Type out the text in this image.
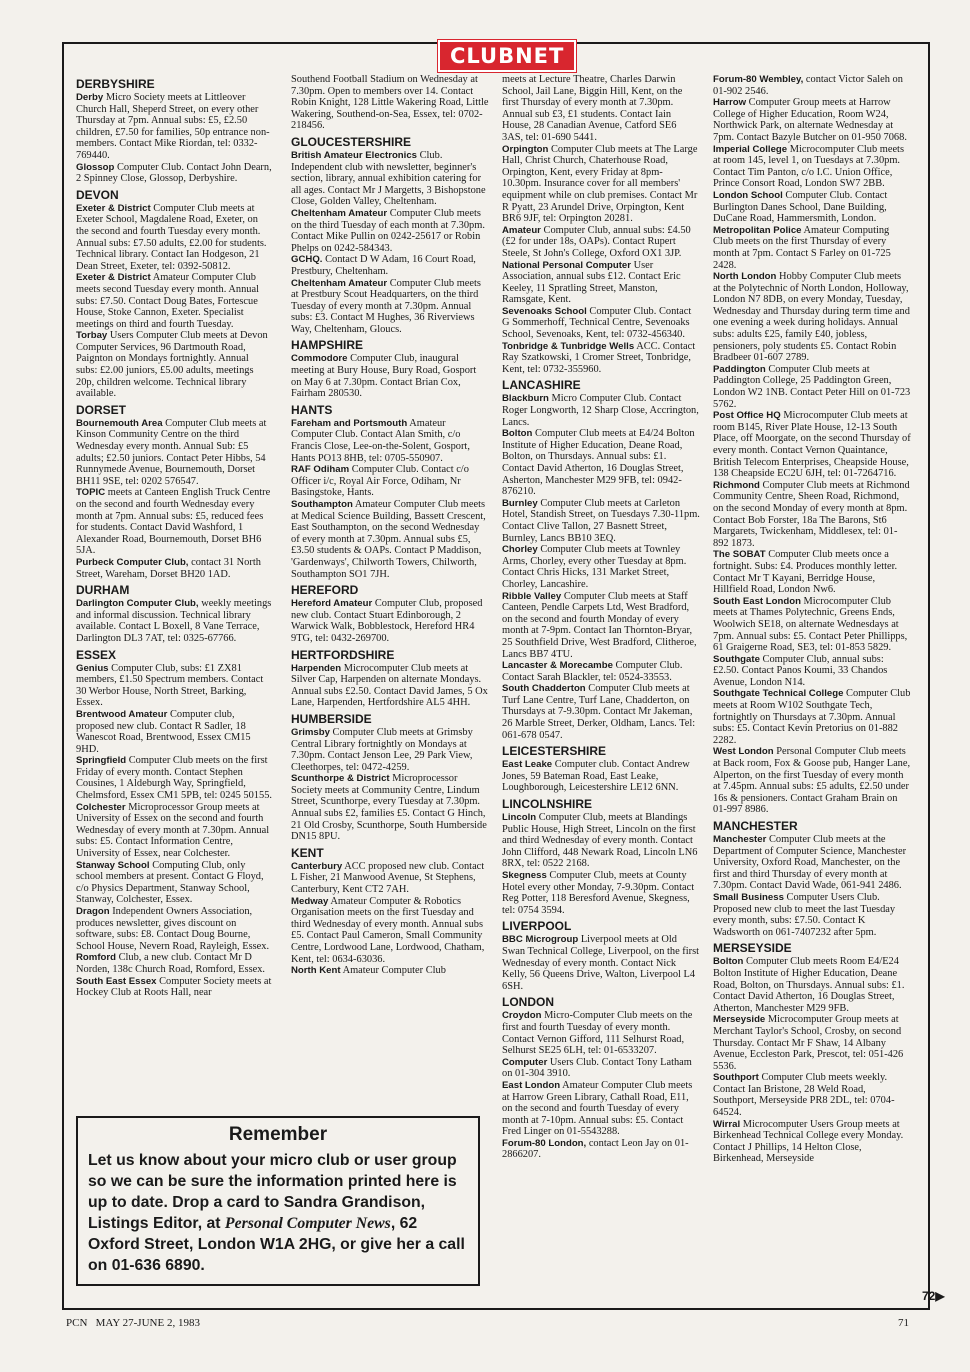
CLUBNET
DERBYSHIRE

Derby Micro Society meets at Littleover Church Hall, Sheperd Street, on every other Thursday at 7pm. Annual subs: £5, £2.50 children, £7.50 for families, 50p entrance non-members. Contact Mike Riordan, tel: 0332-769440.

Glossop Computer Club. Contact John Dearn, 2 Spinney Close, Glossop, Derbyshire.

DEVON

Exeter & District Computer Club meets at Exeter School, Magdalene Road, Exeter, on the second and fourth Tuesday every month. Annual subs: £7.50 adults, £2.00 for students. Technical library. Contact Ian Hodgeson, 21 Dean Street, Exeter, tel: 0392-50812.

Exeter & District Amateur Computer Club meets second Tuesday every month. Annual subs: £7.50. Contact Doug Bates, Fortescue House, Stoke Cannon, Exeter. Specialist meetings on third and fourth Tuesday.

Torbay Users Computer Club meets at Devon Computer Services, 96 Dartmouth Road, Paignton on Mondays fortnightly. Annual subs: £2.00 juniors, £5.00 adults, meetings 20p, children welcome. Technical library available.

DORSET

Bournemouth Area Computer Club meets at Kinson Community Centre on the third Wednesday every month. Annual Sub: £5 adults; £2.50 juniors. Contact Peter Hibbs, 54 Runnymede Avenue, Bournemouth, Dorset BH11 9SE, tel: 0202 576547.

TOPIC meets at Canteen English Truck Centre on the second and fourth Wednesday every month at 7pm. Annual subs: £5, reduced fees for students. Contact David Washford, 1 Alexander Road, Bournemouth, Dorset BH6 5JA.

Purbeck Computer Club, contact 31 North Street, Wareham, Dorset BH20 1AD.

DURHAM

Darlington Computer Club, weekly meetings and informal discussion. Technical library available. Contact L Boxell, 8 Vane Terrace, Darlington DL3 7AT, tel: 0325-67766.

ESSEX

Genius Computer Club, subs: £1 ZX81 members, £1.50 Spectrum members. Contact 30 Werbor House, North Street, Barking, Essex.

Brentwood Amateur Computer club, proposed new club. Contact R Sadler, 18 Wanescot Road, Brentwood, Essex CM15 9HD.

Springfield Computer Club meets on the first Friday of every month. Contact Stephen Cousines, 1 Aldeburgh Way, Springfield, Chelmsford, Essex CM1 5PB, tel: 0245 50155.

Colchester Microprocessor Group meets at University of Essex on the second and fourth Wednesday of every month at 7.30pm. Annual subs: £5. Contact Information Centre, University of Essex, near Colchester.

Stanway School Computing Club, only school members at present. Contact G Floyd, c/o Physics Department, Stanway School, Stanway, Colchester, Essex.

Dragon Independent Owners Association, produces newsletter, gives discount on software, subs: £8. Contact Doug Bourne, School House, Nevern Road, Rayleigh, Essex.

Romford Club, a new club. Contact Mr D Norden, 138c Church Road, Romford, Essex.

South East Essex Computer Society meets at Hockey Club at Roots Hall, near

Southend Football Stadium on Wednesday at 7.30pm. Open to members over 14. Contact Robin Knight, 128 Little Wakering Road, Little Wakering, Southend-on-Sea, Essex, tel: 0702-218456.

GLOUCESTERSHIRE

British Amateur Electronics Club. Independent club with newsletter, beginner's section, library, annual exhibition catering for all ages. Contact Mr J Margetts, 3 Bishopstone Close, Golden Valley, Cheltenham.

Cheltenham Amateur Computer Club meets on the third Tuesday of each month at 7.30pm. Contact Mike Pullin on 0242-25617 or Robin Phelps on 0242-584343.

GCHQ. Contact D W Adam, 16 Court Road, Prestbury, Cheltenham.

Cheltenham Amateur Computer Club meets at Prestbury Scout Headquarters, on the third Tuesday of every month at 7.30pm. Annual subs: £3. Contact M Hughes, 36 Riverviews Way, Cheltenham, Gloucs.

HAMPSHIRE

Commodore Computer Club, inaugural meeting at Bury House, Bury Road, Gosport on May 6 at 7.30pm. Contact Brian Cox, Fairham 280530.

HANTS

Fareham and Portsmouth Amateur Computer Club. Contact Alan Smith, c/o Francis Close, Lee-on-the-Solent, Gosport, Hants PO13 8HB, tel: 0705-550907.

RAF Odiham Computer Club. Contact c/o Officer i/c, Royal Air Force, Odiham, Nr Basingstoke, Hants.

Southampton Amateur Computer Club meets at Medical Science Building, Bassett Crescent, East Southampton, on the second Wednesday of every month at 7.30pm. Annual subs £5, £3.50 students & OAPs. Contact P Maddison, 'Gardenways', Chilworth Towers, Chilworth, Southampton SO1 7JH.

HEREFORD

Hereford Amateur Computer Club, proposed new club. Contact Stuart Edinborough, 2 Warwick Walk, Bobblestock, Hereford HR4 9TG, tel: 0432-269700.

HERTFORDSHIRE

Harpenden Microcomputer Club meets at Silver Cap, Harpenden on alternate Mondays. Annual subs £2.50. Contact David James, 5 Ox Lane, Harpenden, Hertfordshire AL5 4HH.

HUMBERSIDE

Grimsby Computer Club meets at Grimsby Central Library fortnightly on Mondays at 7.30pm. Contact Jenson Lee, 29 Park View, Cleethorpes, tel: 0472-4259.

Scunthorpe & District Microprocessor Society meets at Community Centre, Lindum Street, Scunthorpe, every Tuesday at 7.30pm. Annual subs £2, families £5. Contact G Hinch, 21 Old Crosby, Scunthorpe, South Humberside DN15 8PU.

KENT

Canterbury ACC proposed new club. Contact L Fisher, 21 Manwood Avenue, St Stephens, Canterbury, Kent CT2 7AH.

Medway Amateur Computer & Robotics Organisation meets on the first Tuesday and third Wednesday of every month. Annual subs £5. Contact Paul Cameron, Small Community Centre, Lordwood Lane, Lordwood, Chatham, Kent, tel: 0634-63036.

North Kent Amateur Computer Club

meets at Lecture Theatre, Charles Darwin School, Jail Lane, Biggin Hill, Kent, on the first Thursday of every month at 7.30pm. Annual sub £3, £1 students. Contact Iain House, 28 Canadian Avenue, Catford SE6 3AS, tel: 01-690 5441.

Orpington Computer Club meets at The Large Hall, Christ Church, Chaterhouse Road, Orpington, Kent, every Friday at 8pm-10.30pm. Insurance cover for all members' equipment while on club premises. Contact Mr R Pyatt, 23 Arundel Drive, Orpington, Kent BR6 9JF, tel: Orpington 20281.

Amateur Computer Club, annual subs: £4.50 (£2 for under 18s, OAPs). Contact Rupert Steele, St John's College, Oxford OX1 3JP.

National Personal Computer User Association, annual subs £12. Contact Eric Keeley, 11 Spratling Street, Manston, Ramsgate, Kent.

Sevenoaks School Computer Club. Contact G Sommerhoff, Technical Centre, Sevenoaks School, Sevenoaks, Kent, tel: 0732-456340.

Tonbridge & Tunbridge Wells ACC. Contact Ray Szatkowski, 1 Cromer Street, Tonbridge, Kent, tel: 0732-355960.

LANCASHIRE

Blackburn Micro Computer Club. Contact Roger Longworth, 12 Sharp Close, Accrington, Lancs.

Bolton Computer Club meets at E4/24 Bolton Institute of Higher Education, Deane Road, Bolton, on Thursdays. Annual subs: £1. Contact David Atherton, 16 Douglas Street, Asherton, Manchester M29 9FB, tel: 0942-876210.

Burnley Computer Club meets at Carleton Hotel, Standish Street, on Tuesdays 7.30-11pm. Contact Clive Tallon, 27 Basnett Street, Burnley, Lancs BB10 3EQ.

Chorley Computer Club meets at Townley Arms, Chorley, every other Tuesday at 8pm. Contact Chris Hicks, 131 Market Street, Chorley, Lancashire.

Ribble Valley Computer Club meets at Staff Canteen, Pendle Carpets Ltd, West Bradford, on the second and fourth Monday of every month at 7-9pm. Contact Ian Thornton-Bryar, 25 Southfield Drive, West Bradford, Clitheroe, Lancs BB7 4TU.

Lancaster & Morecambe Computer Club. Contact Sarah Blackler, tel: 0524-33553.

South Chadderton Computer Club meets at Turf Lane Centre, Turf Lane, Chadderton, on Thursdays at 7-9.30pm. Contact Mr Jakeman, 26 Marble Street, Derker, Oldham, Lancs. Tel: 061-678 0547.

LEICESTERSHIRE

East Leake Computer club. Contact Andrew Jones, 59 Bateman Road, East Leake, Loughborough, Leicestershire LE12 6NN.

LINCOLNSHIRE

Lincoln Computer Club, meets at Blandings Public House, High Street, Lincoln on the first and third Wednesday of every month. Contact John Clifford, 448 Newark Road, Lincoln LN6 8RX, tel: 0522 2168.

Skegness Computer Club, meets at County Hotel every other Monday, 7-9.30pm. Contact Reg Potter, 118 Beresford Avenue, Skegness, tel: 0754 3594.

LIVERPOOL

BBC Microgroup Liverpool meets at Old Swan Technical College, Liverpool, on the first Wednesday of every month. Contact Nick Kelly, 56 Queens Drive, Walton, Liverpool L4 6SH.

LONDON

Croydon Micro-Computer Club meets on the first and fourth Tuesday of every month. Contact Vernon Gifford, 111 Selhurst Road, Selhurst SE25 6LH, tel: 01-6533207.

Computer Users Club. Contact Tony Latham on 01-304 3910.

East London Amateur Computer Club meets at Harrow Green Library, Cathall Road, E11, on the second and fourth Tuesday of every month at 7-10pm. Annual subs: £5. Contact Fred Linger on 01-5543288.

Forum-80 London, contact Leon Jay on 01-2866207.

Forum-80 Wembley, contact Victor Saleh on 01-902 2546.

Harrow Computer Group meets at Harrow College of Higher Education, Room W24, Northwick Park, on alternate Wednesday at 7pm. Contact Bazyle Butcher on 01-950 7068.

Imperial College Microcomputer Club meets at room 145, level 1, on Tuesdays at 7.30pm. Contact Tim Panton, c/o I.C. Union Office, Prince Consort Road, London SW7 2BB.

London School Computer Club. Contact Burlington Danes School, Dane Building, DuCane Road, Hammersmith, London.

Metropolitan Police Amateur Computing Club meets on the first Thursday of every month at 7pm. Contact S Farley on 01-725 2428.

North London Hobby Computer Club meets at the Polytechnic of North London, Holloway, London N7 8DB, on every Monday, Tuesday, Wednesday and Thursday during term time and one evening a week during holidays. Annual subs: adults £25, family £40, jobless, pensioners, poly students £5. Contact Robin Bradbeer 01-607 2789.

Paddington Computer Club meets at Paddington College, 25 Paddington Green, London W2 1NB. Contact Peter Hill on 01-723 5762.

Post Office HQ Microcomputer Club meets at room B145, River Plate House, 12-13 South Place, off Moorgate, on the second Thursday of every month. Contact Vernon Quaintance, British Telecom Enterprises, Cheapside House, 138 Cheapside EC2U 6JH, tel: 01-7264716.

Richmond Computer Club meets at Richmond Community Centre, Sheen Road, Richmond, on the second Monday of every month at 8pm. Contact Bob Forster, 18a The Barons, St6 Margarets, Twickenham, Middlesex, tel: 01-892 1873.

The SOBAT Computer Club meets once a fortnight. Subs: £4. Produces monthly letter. Contact Mr T Kayani, Berridge House, Hillfield Road, London Nw6.

South East London Microcomputer Club meets at Thames Polytechnic, Greens Ends, Woolwich SE18, on alternate Wednesdays at 7pm. Annual subs: £5. Contact Peter Phillipps, 61 Graigerne Road, SE3, tel: 01-853 5829.

Southgate Computer Club, annual subs: £2.50. Contact Panos Koumi, 33 Chandos Avenue, London N14.

Southgate Technical College Computer Club meets at Room W102 Southgate Tech, fortnightly on Thursdays at 7.30pm. Annual subs: £5. Contact Kevin Pretorius on 01-882 2282.

West London Personal Computer Club meets at Back room, Fox & Goose pub, Hanger Lane, Alperton, on the first Tuesday of every month at 7.45pm. Annual subs: £5 adults, £2.50 under 16s & pensioners. Contact Graham Brain on 01-997 8986.

MANCHESTER

Manchester Computer Club meets at the Department of Computer Science, Manchester University, Oxford Road, Manchester, on the first and third Thursday of every month at 7.30pm. Contact David Wade, 061-941 2486.

Small Business Computer Users Club. Proposed new club to meet the last Tuesday every month, subs: £7.50. Contact K Wadsworth on 061-7407232 after 5pm.

MERSEYSIDE

Bolton Computer Club meets Room E4/E24 Bolton Institute of Higher Education, Deane Road, Bolton, on Thursdays. Annual subs: £1. Contact David Atherton, 16 Douglas Street, Atherton, Manchester M29 9FB.

Merseyside Microcomputer Group meets at Merchant Taylor's School, Crosby, on second Thursday. Contact Mr F Shaw, 14 Albany Avenue, Eccleston Park, Prescot, tel: 051-426 5536.

Southport Computer Club meets weekly. Contact Ian Bristone, 28 Weld Road, Southport, Merseyside PR8 2DL, tel: 0704-64524.

Wirral Microcomputer Users Group meets at Birkenhead Technical College every Monday. Contact J Phillips, 14 Helton Close, Birkenhead, Merseyside

Remember

Let us know about your micro club or user group so we can be sure the information printed here is up to date. Drop a card to Sandra Grandison, Listings Editor, at Personal Computer News, 62 Oxford Street, London W1A 2HG, or give her a call on 01-636 6890.

PCN   MAY 27-JUNE 2, 1983	71
72▶
